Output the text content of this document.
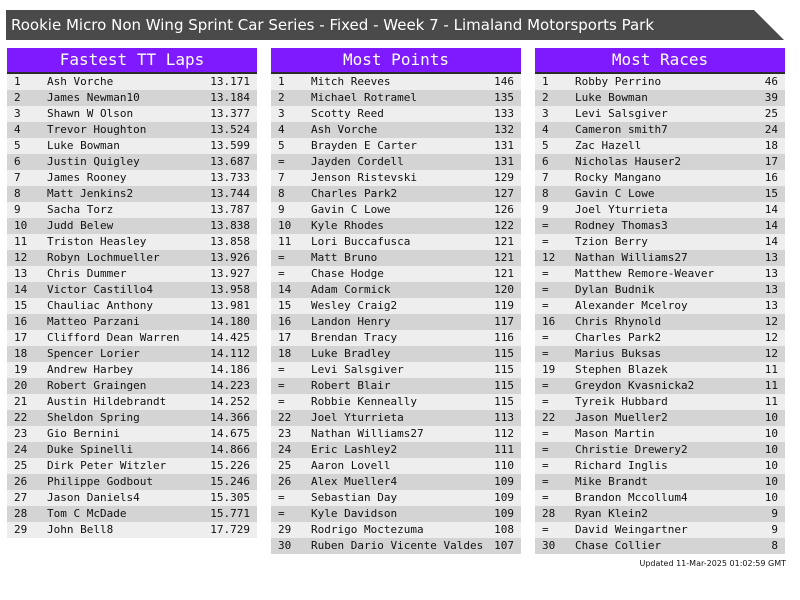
Rookie Micro Non Wing Sprint Car Series - Fixed - Week 7 - Limaland Motorsports Park
Fastest TT Laps
1 Ash Vorche	13.171
2 James Newman10	13.184
3 Shawn W Olson	13.377
4 Trevor Houghton	13.524
5 Luke Bowman	13.599
6 Justin Quigley	13.687
7 James Rooney	13.733
8 Matt Jenkins2	13.744
9 Sacha Torz	13.787
10 Judd Belew	13.838
11 Triston Heasley	13.858
12 Robyn Lochmueller	13.926
13 Chris Dummer	13.927
14 Victor Castillo4	13.958
15 Chauliac Anthony	13.981
16 Matteo Parzani	14.180
17 Clifford Dean Warren	14.425
18 Spencer Lorier	14.112
19 Andrew Harbey	14.186
20 Robert Graingen	14.223
21 Austin Hildebrandt	14.252
22 Sheldon Spring	14.366
23 Gio Bernini	14.675
24 Duke Spinelli	14.866
25 Dirk Peter Witzler	15.226
26 Philippe Godbout	15.246
27 Jason Daniels4	15.305
28 Tom C McDade	15.771
29 John Bell8	17.729
Most Points
1 Mitch Reeves	146
2 Michael Rotramel	135
3 Scotty Reed	133
4 Ash Vorche	132
5 Brayden E Carter	131
= Jayden Cordell	131
7 Jenson Ristevski	129
8 Charles Park2	127
9 Gavin C Lowe	126
10 Kyle Rhodes	122
11 Lori Buccafusca	121
= Matt Bruno	121
= Chase Hodge	121
14 Adam Cormick	120
15 Wesley Craig2	119
16 Landon Henry	117
17 Brendan Tracy	116
18 Luke Bradley	115
= Levi Salsgiver	115
= Robert Blair	115
= Robbie Kenneally	115
22 Joel Yturrieta	113
23 Nathan Williams27	112
24 Eric Lashley2	111
25 Aaron Lovell	110
26 Alex Mueller4	109
= Sebastian Day	109
= Kyle Davidson	109
29 Rodrigo Moctezuma	108
30 Ruben Dario Vicente Valdes 107
Most Races
1 Robby Perrino	46
2 Luke Bowman	39
3 Levi Salsgiver	25
4 Cameron smith7	24
5 Zac Hazell	18
6 Nicholas Hauser2	17
7 Rocky Mangano	16
8 Gavin C Lowe	15
9 Joel Yturrieta	14
= Rodney Thomas3	14
= Tzion Berry	14
12 Nathan Williams27	13
= Matthew Remore-Weaver	13
= Dylan Budnik	13
= Alexander Mcelroy	13
16 Chris Rhynold	12
= Charles Park2	12
= Marius Buksas	12
19 Stephen Blazek	11
= Greydon Kvasnicka2	11
= Tyreik Hubbard	11
22 Jason Mueller2	10
= Mason Martin	10
= Christie Drewery2	10
= Richard Inglis	10
= Mike Brandt	10
= Brandon Mccollum4	10
28 Ryan Klein2	9
= David Weingartner	9
30 Chase Collier	8
Updated 11-Mar-2025 01:02:59 GMT
